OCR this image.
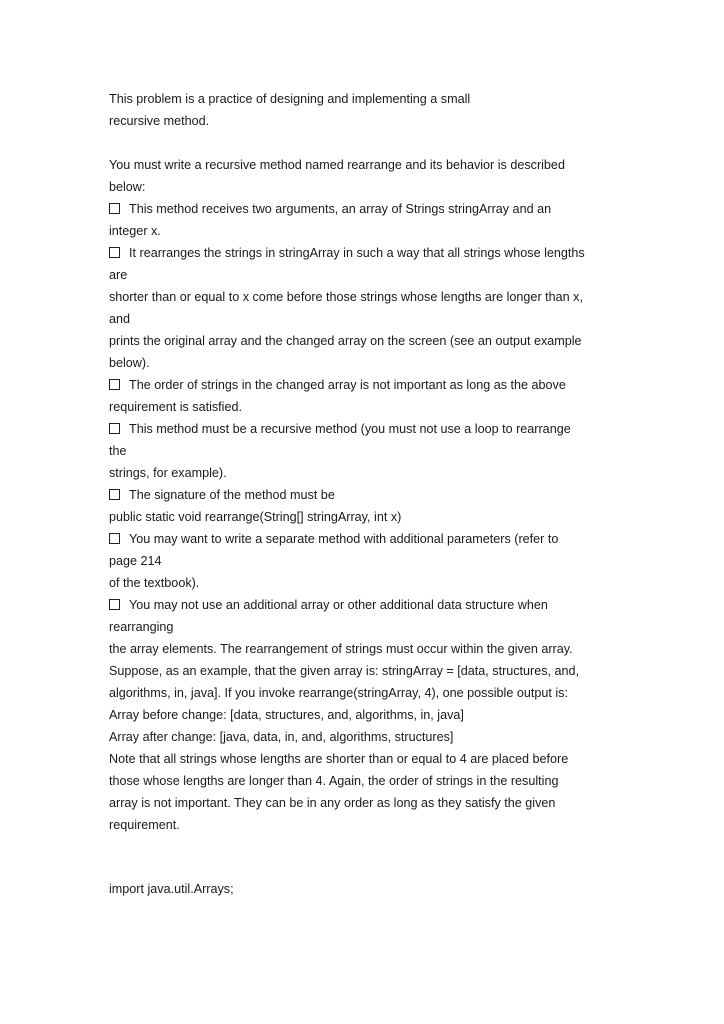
This problem is a practice of designing and implementing a small
recursive method.
You must write a recursive method named rearrange and its behavior is described
below:
This method receives two arguments, an array of Strings stringArray and an
integer x.
It rearranges the strings in stringArray in such a way that all strings whose lengths
are
shorter than or equal to x come before those strings whose lengths are longer than x,
and
prints the original array and the changed array on the screen (see an output example
below).
The order of strings in the changed array is not important as long as the above
requirement is satisfied.
This method must be a recursive method (you must not use a loop to rearrange
the
strings, for example).
The signature of the method must be
public static void rearrange(String[] stringArray, int x)
You may want to write a separate method with additional parameters (refer to
page 214
of the textbook).
You may not use an additional array or other additional data structure when
rearranging
the array elements. The rearrangement of strings must occur within the given array.
Suppose, as an example, that the given array is: stringArray = [data, structures, and,
algorithms, in, java]. If you invoke rearrange(stringArray, 4), one possible output is:
Array before change: [data, structures, and, algorithms, in, java]
Array after change: [java, data, in, and, algorithms, structures]
Note that all strings whose lengths are shorter than or equal to 4 are placed before
those whose lengths are longer than 4. Again, the order of strings in the resulting
array is not important. They can be in any order as long as they satisfy the given
requirement.
import java.util.Arrays;
